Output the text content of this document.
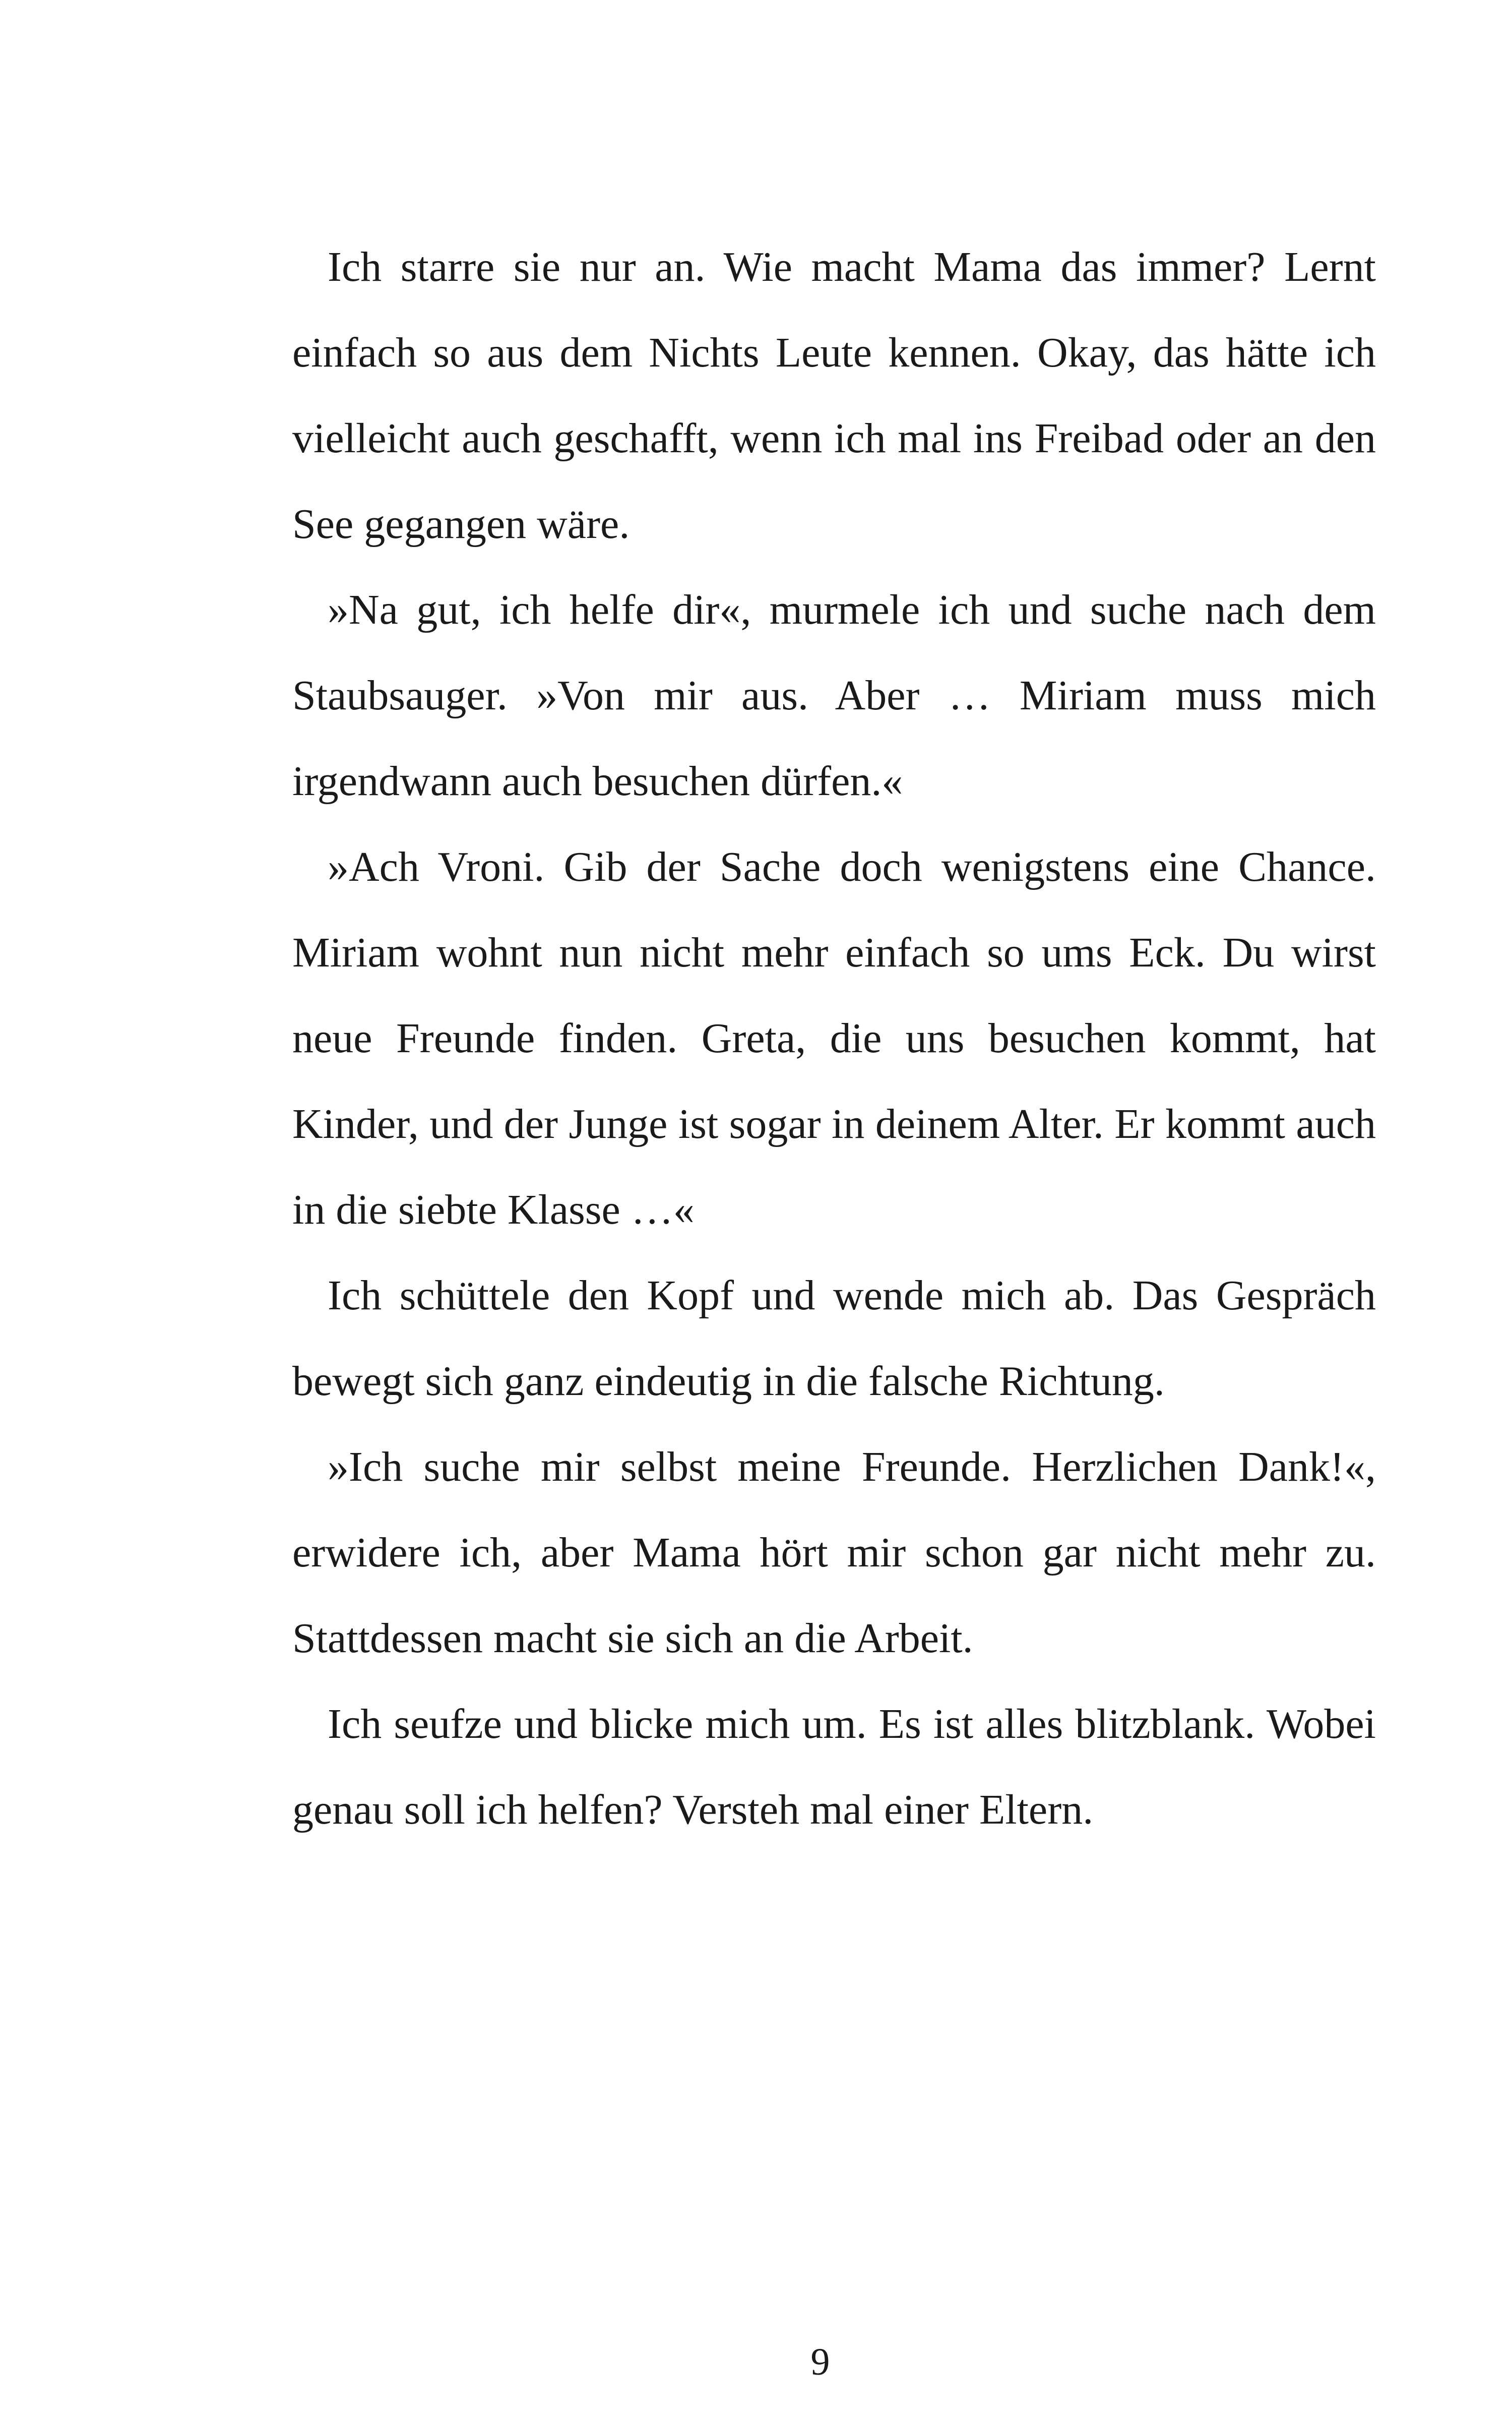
Ich starre sie nur an. Wie macht Mama das immer? Lernt einfach so aus dem Nichts Leute kennen. Okay, das hätte ich vielleicht auch geschafft, wenn ich mal ins Freibad oder an den See gegangen wäre.

»Na gut, ich helfe dir«, murmele ich und suche nach dem Staubsauger. »Von mir aus. Aber … Miriam muss mich irgendwann auch besuchen dürfen.«

»Ach Vroni. Gib der Sache doch wenigstens eine Chance. Miriam wohnt nun nicht mehr einfach so ums Eck. Du wirst neue Freunde finden. Greta, die uns besuchen kommt, hat Kinder, und der Junge ist sogar in deinem Alter. Er kommt auch in die siebte Klasse …«

Ich schüttele den Kopf und wende mich ab. Das Gespräch bewegt sich ganz eindeutig in die falsche Richtung.

»Ich suche mir selbst meine Freunde. Herzlichen Dank!«, erwidere ich, aber Mama hört mir schon gar nicht mehr zu. Stattdessen macht sie sich an die Arbeit.

Ich seufze und blicke mich um. Es ist alles blitzblank. Wobei genau soll ich helfen? Versteh mal einer Eltern.

9
